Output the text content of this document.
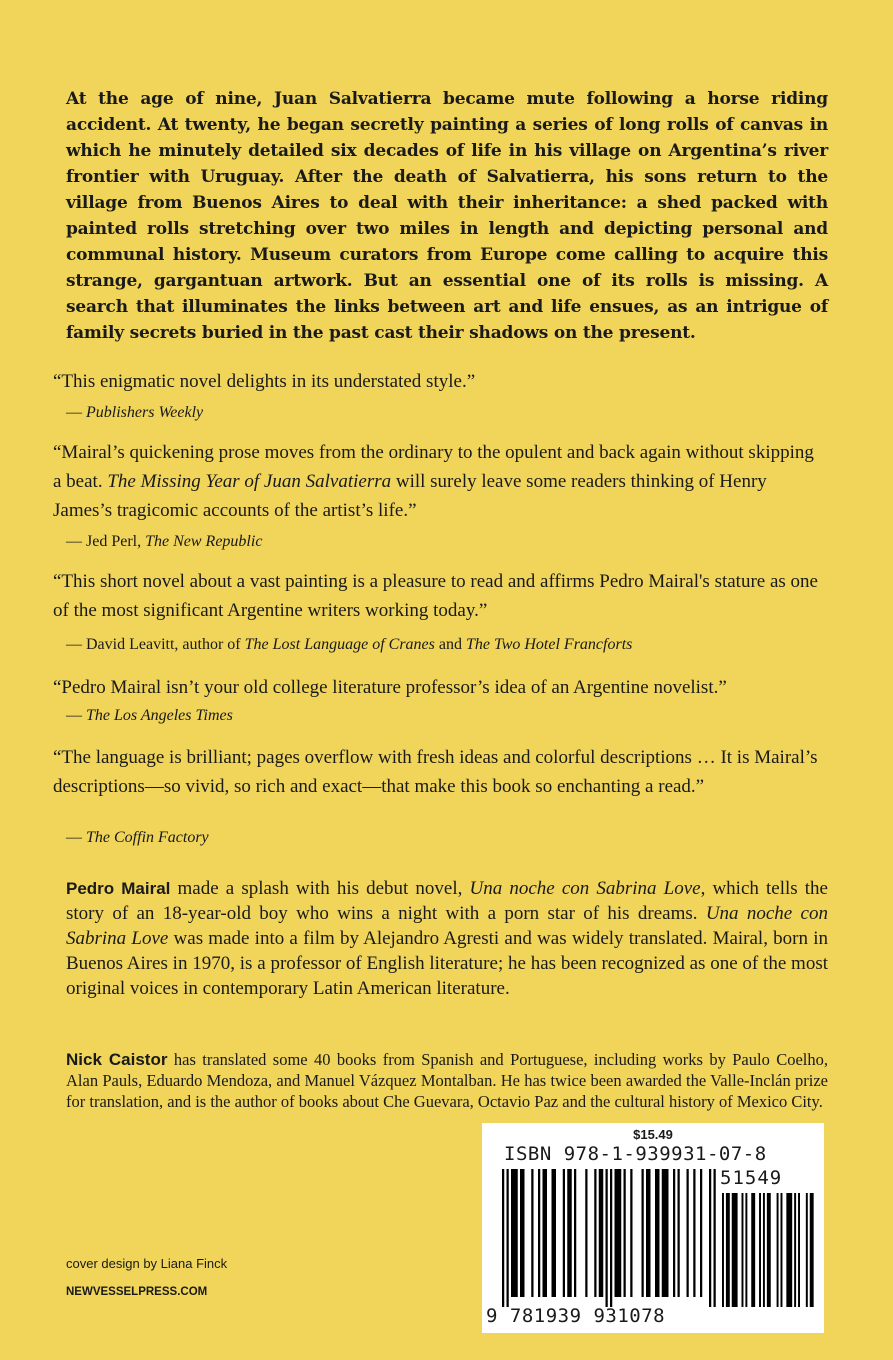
At the age of nine, Juan Salvatierra became mute following a horse riding accident. At twenty, he began secretly painting a series of long rolls of canvas in which he minutely detailed six decades of life in his village on Argentina’s river frontier with Uruguay. After the death of Salvatierra, his sons return to the village from Buenos Aires to deal with their inheritance: a shed packed with painted rolls stretching over two miles in length and depicting personal and communal history. Museum curators from Europe come calling to acquire this strange, gargantuan artwork. But an essential one of its rolls is missing. A search that illuminates the links between art and life ensues, as an intrigue of family secrets buried in the past cast their shadows on the present.

“This enigmatic novel delights in its understated style.”

— Publishers Weekly

“Mairal’s quickening prose moves from the ordinary to the opulent and back again without skipping a beat. The Missing Year of Juan Salvatierra will surely leave some readers thinking of Henry James’s tragicomic accounts of the artist’s life.”

— Jed Perl, The New Republic

“This short novel about a vast painting is a pleasure to read and affirms Pedro Mairal's stature as one of the most significant Argentine writers working today.”

— David Leavitt, author of The Lost Language of Cranes and The Two Hotel Francforts

“Pedro Mairal isn’t your old college literature professor’s idea of an Argentine novelist.”

— The Los Angeles Times

“The language is brilliant; pages overflow with fresh ideas and colorful descriptions … It is Mairal’s descriptions—so vivid, so rich and exact—that make this book so enchanting a read.”

— The Coffin Factory

Pedro Mairal made a splash with his debut novel, Una noche con Sabrina Love, which tells the story of an 18-year-old boy who wins a night with a porn star of his dreams. Una noche con Sabrina Love was made into a film by Alejandro Agresti and was widely translated. Mairal, born in Buenos Aires in 1970, is a professor of English literature; he has been recognized as one of the most original voices in contemporary Latin American literature.

Nick Caistor has translated some 40 books from Spanish and Portuguese, including works by Paulo Coelho, Alan Pauls, Eduardo Mendoza, and Manuel Vázquez Montalban. He has twice been awarded the Valle-Inclán prize for translation, and is the author of books about Che Guevara, Octavio Paz and the cultural history of Mexico City.

cover design by Liana Finck

NEWVESSELPRESS.COM

$15.49

ISBN 978-1-939931-07-8

51549

9 781939 931078
